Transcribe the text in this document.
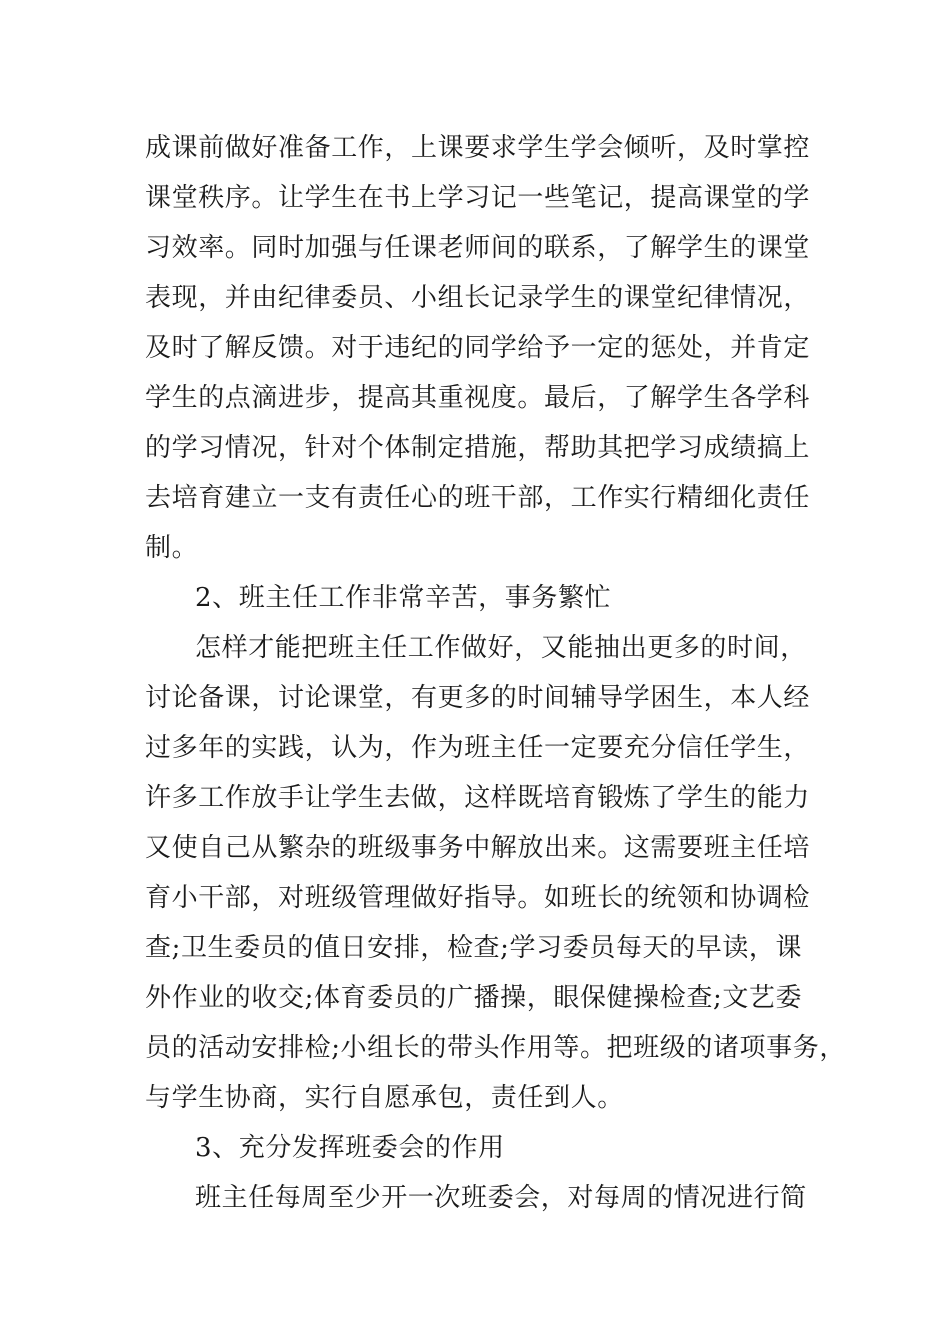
成课前做好准备工作，上课要求学生学会倾听，及时掌控

课堂秩序。让学生在书上学习记一些笔记，提高课堂的学

习效率。同时加强与任课老师间的联系，了解学生的课堂

表现，并由纪律委员、小组长记录学生的课堂纪律情况，

及时了解反馈。对于违纪的同学给予一定的惩处，并肯定

学生的点滴进步，提高其重视度。最后，了解学生各学科

的学习情况，针对个体制定措施，帮助其把学习成绩搞上

去培育建立一支有责任心的班干部，工作实行精细化责任

制。

2、班主任工作非常辛苦，事务繁忙

怎样才能把班主任工作做好，又能抽出更多的时间，

讨论备课，讨论课堂，有更多的时间辅导学困生，本人经

过多年的实践，认为，作为班主任一定要充分信任学生，

许多工作放手让学生去做，这样既培育锻炼了学生的能力

又使自己从繁杂的班级事务中解放出来。这需要班主任培

育小干部，对班级管理做好指导。如班长的统领和协调检

查;卫生委员的值日安排，检查;学习委员每天的早读，课

外作业的收交;体育委员的广播操，眼保健操检查;文艺委

员的活动安排检;小组长的带头作用等。把班级的诸项事务，

与学生协商，实行自愿承包，责任到人。

3、充分发挥班委会的作用

班主任每周至少开一次班委会，对每周的情况进行简
